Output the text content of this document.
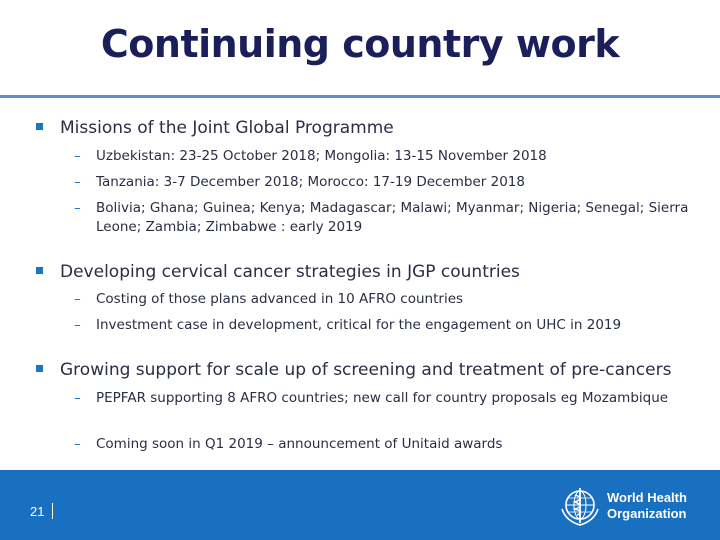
Continuing country work
Missions of the Joint Global Programme
– Uzbekistan: 23-25 October 2018; Mongolia: 13-15 November 2018
– Tanzania: 3-7 December 2018; Morocco: 17-19 December 2018
– Bolivia; Ghana; Guinea; Kenya; Madagascar; Malawi; Myanmar; Nigeria; Senegal; Sierra Leone; Zambia; Zimbabwe : early 2019
Developing cervical cancer strategies in JGP countries
– Costing of those plans advanced in 10 AFRO countries
– Investment case in development, critical for the engagement on UHC in 2019
Growing support for scale up of screening and treatment of pre-cancers
– PEPFAR supporting 8 AFRO countries; new call for country proposals eg Mozambique
– Coming soon in Q1 2019 – announcement of Unitaid awards
21
World Health
Organization
